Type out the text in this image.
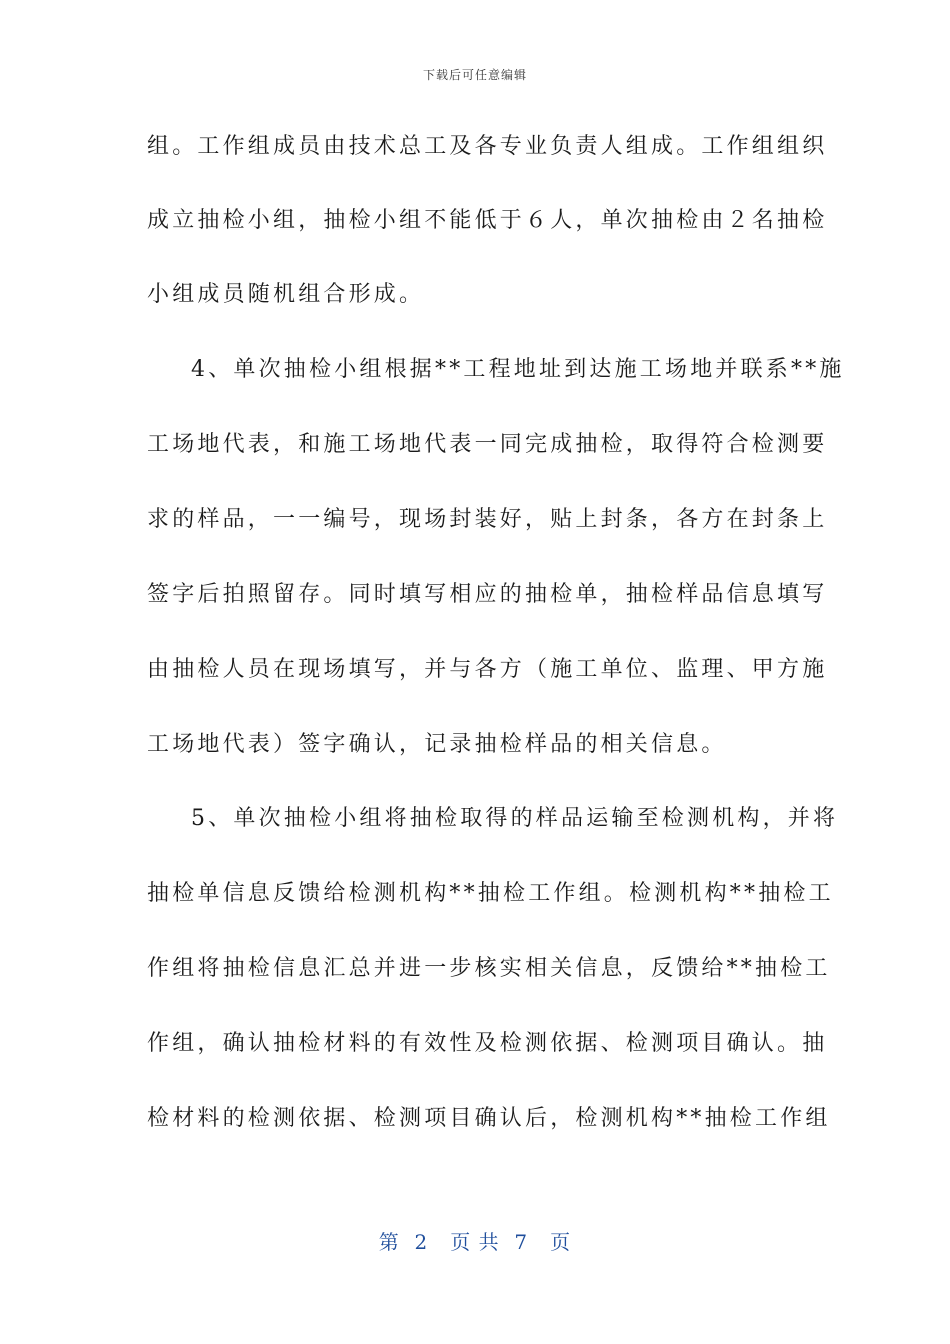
下载后可任意编辑
组。工作组成员由技术总工及各专业负责人组成。工作组组织
成立抽检小组，抽检小组不能低于６人，单次抽检由２名抽检
小组成员随机组合形成。
4、单次抽检小组根据**工程地址到达施工场地并联系**施
工场地代表，和施工场地代表一同完成抽检，取得符合检测要
求的样品，一一编号，现场封装好，贴上封条，各方在封条上
签字后拍照留存。同时填写相应的抽检单，抽检样品信息填写
由抽检人员在现场填写，并与各方（施工单位、监理、甲方施
工场地代表）签字确认，记录抽检样品的相关信息。
5、单次抽检小组将抽检取得的样品运输至检测机构，并将
抽检单信息反馈给检测机构**抽检工作组。检测机构**抽检工
作组将抽检信息汇总并进一步核实相关信息，反馈给**抽检工
作组，确认抽检材料的有效性及检测依据、检测项目确认。抽
检材料的检测依据、检测项目确认后，检测机构**抽检工作组
第  2   页 共  7   页
